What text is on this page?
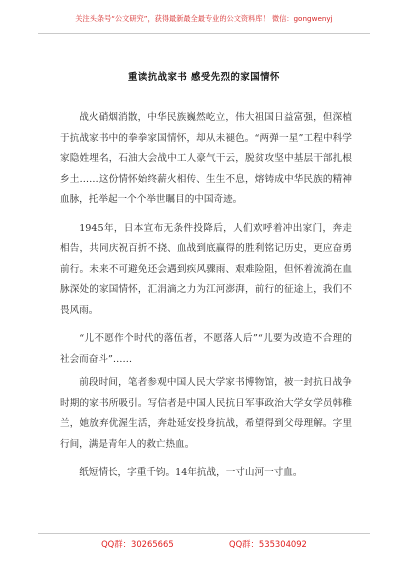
关注头条号“公文研究”，获得最新最全最专业的公文资料库！ 微信：gongwenyj
重读抗战家书 感受先烈的家国情怀

战火硝烟消散，中华民族巍然屹立，伟大祖国日益富强，但深植于抗战家书中的拳拳家国情怀，却从未褪色。“两弹一星”工程中科学家隐姓埋名，石油大会战中工人豪气干云，脱贫攻坚中基层干部扎根乡土……这份情怀始终薪火相传、生生不息，熔铸成中华民族的精神血脉，托举起一个个举世瞩目的中国奇迹。

1945年，日本宣布无条件投降后，人们欢呼着冲出家门，奔走相告，共同庆祝百折不挠、血战到底赢得的胜利铭记历史，更应奋勇前行。未来不可避免还会遇到疾风骤雨、艰难险阻，但怀着流淌在血脉深处的家国情怀，汇涓滴之力为江河澎湃，前行的征途上，我们不畏风雨。

“儿不愿作个时代的落伍者，不愿落人后”“儿要为改造不合理的社会而奋斗”……

前段时间，笔者参观中国人民大学家书博物馆，被一封抗日战争时期的家书所吸引。写信者是中国人民抗日军事政治大学女学员韩稚兰，她放弃优渥生活，奔赴延安投身抗战，希望得到父母理解。字里行间，满是青年人的救亡热血。

纸短情长，字重千钧。14年抗战，一寸山河一寸血。

QQ群：30265665	QQ群：535304092
